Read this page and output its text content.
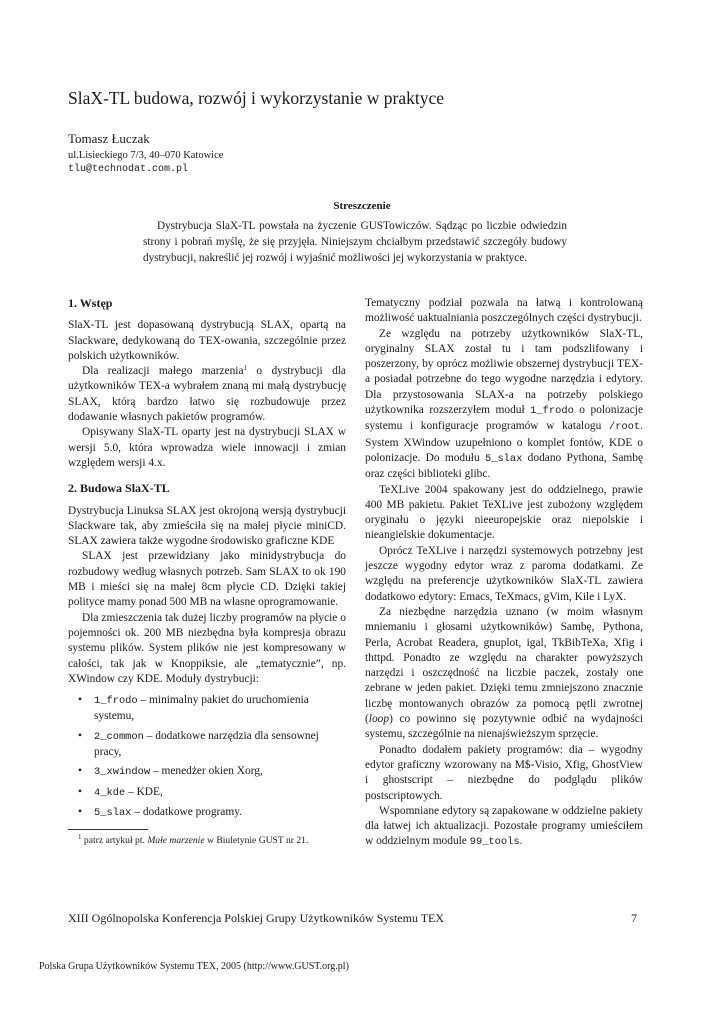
SlaX-TL budowa, rozwój i wykorzystanie w praktyce
Tomasz Łuczak
ul.Lisieckiego 7/3, 40–070 Katowice
tlu@technodat.com.pl
Streszczenie
Dystrybucja SlaX-TL powstała na życzenie GUSTowiczów. Sądząc po liczbie odwiedzin strony i pobrań myślę, że się przyjęła. Niniejszym chciałbym przedstawić szczegóły budowy dystrybucji, nakreślić jej rozwój i wyjaśnić możliwości jej wykorzystania w praktyce.
1. Wstęp

SlaX-TL jest dopasowaną dystrybucją SLAX, opartą na Slackware, dedykowaną do TEX-owania, szczególnie przez polskich użytkowników.

Dla realizacji małego marzenia$^1$ o dystrybucji dla użytkowników TEX-a wybrałem znaną mi małą dystrybucję SLAX, którą bardzo łatwo się rozbudowuje przez dodawanie własnych pakietów programów.

Opisywany SlaX-TL oparty jest na dystrybucji SLAX w wersji 5.0, która wprowadza wiele innowacji i zmian względem wersji 4.x.

2. Budowa SlaX-TL

Dystrybucja Linuksa SLAX jest okrojoną wersją dystrybucji Slackware tak, aby zmieściła się na małej płycie miniCD. SLAX zawiera także wygodne środowisko graficzne KDE

SLAX jest przewidziany jako minidystrybucja do rozbudowy według własnych potrzeb. Sam SLAX to ok 190 MB i mieści się na małej 8cm płycie CD. Dzięki takiej polityce mamy ponad 500 MB na własne oprogramowanie.

Dla zmieszczenia tak dużej liczby programów na płycie o pojemności ok. 200 MB niezbędna była kompresja obrazu systemu plików. System plików nie jest kompresowany w całości, tak jak w Knoppiksie, ale „tematycznie”, np. XWindow czy KDE. Moduły dystrybucji:

• 1_frodo – minimalny pakiet do uruchomienia systemu,
• 2_common – dodatkowe narzędzia dla sensownej pracy,
• 3_xwindow – menedżer okien Xorg,
• 4_kde – KDE,
• 5_slax – dodatkowe programy.
$^1$ patrz artykuł pt. Małe marzenie w Biuletynie GUST nr 21.

Tematyczny podział pozwala na łatwą i kontrolowaną możliwość uaktualniania poszczególnych części dystrybucji.

Ze względu na potrzeby użytkowników SlaX-TL, oryginalny SLAX został tu i tam podszlifowany i poszerzony, by oprócz możliwie obszernej dystrybucji TEX-a posiadał potrzebne do tego wygodne narzędzia i edytory. Dla przystosowania SLAX-a na potrzeby polskiego użytkownika rozszerzyłem moduł 1_frodo o polonizacje systemu i konfiguracje programów w katalogu /root. System XWindow uzupełniono o komplet fontów, KDE o polonizacje. Do modułu 5_slax dodano Pythona, Sambę oraz części biblioteki glibc.

TeXLive 2004 spakowany jest do oddzielnego, prawie 400 MB pakietu. Pakiet TeXLive jest zubożony względem oryginału o języki nieeuropejskie oraz niepolskie i nieangielskie dokumentacje.

Oprócz TeXLive i narzędzi systemowych potrzebny jest jeszcze wygodny edytor wraz z paroma dodatkami. Ze względu na preferencje użytkowników SlaX-TL zawiera dodatkowo edytory: Emacs, TeXmacs, gVim, Kile i LyX.

Za niezbędne narzędzia uznano (w moim własnym mniemaniu i głosami użytkowników) Sambę, Pythona, Perla, Acrobat Readera, gnuplot, igal, TkBibTeXa, Xfig i thttpd. Ponadto ze względu na charakter powyższych narzędzi i oszczędność na liczbie paczek, zostały one zebrane w jeden pakiet. Dzięki temu zmniejszono znacznie liczbę montowanych obrazów za pomocą pętli zwrotnej (loop) co powinno się pozytywnie odbić na wydajności systemu, szczególnie na nienajświeższym sprzęcie.

Ponadto dodałem pakiety programów: dia – wygodny edytor graficzny wzorowany na M$-Visio, Xfig, GhostView i ghostscript – niezbędne do podglądu plików postscriptowych.

Wspomniane edytory są zapakowane w oddzielne pakiety dla łatwej ich aktualizacji. Pozostałe programy umieściłem w oddzielnym module 99_tools.

XIII Ogólnopolska Konferencja Polskiej Grupy Użytkowników Systemu TEX	7
Polska Grupa Użytkowników Systemu TEX, 2005 (http://www.GUST.org.pl)
